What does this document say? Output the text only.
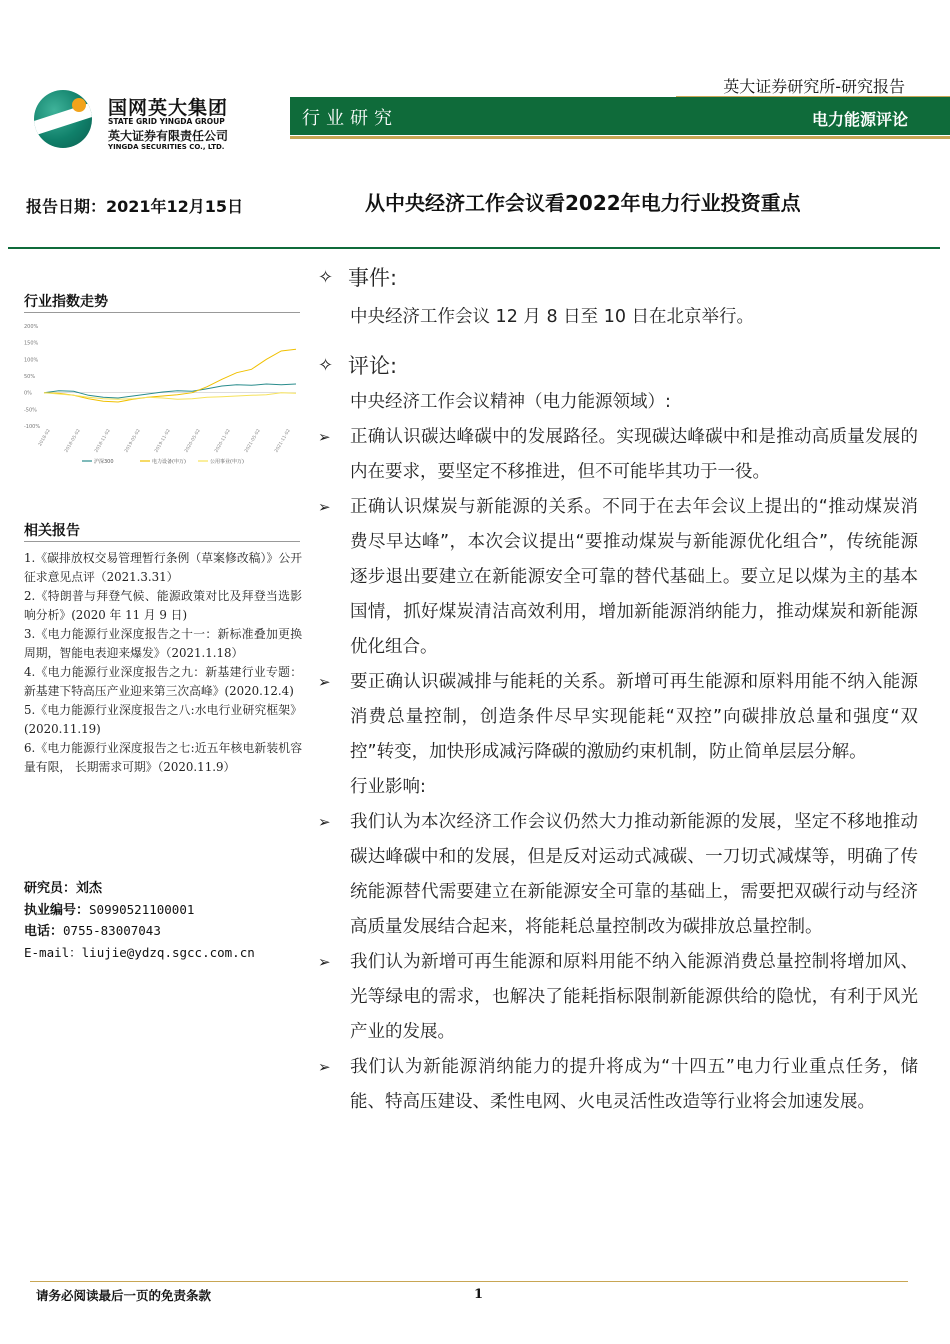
国网英大集团
STATE GRID YINGDA GROUP
英大证券有限责任公司
YINGDA SECURITIES CO., LTD.
英大证券研究所-研究报告
行业研究	电力能源评论
报告日期：2021年12月15日	从中央经济工作会议看2022年电力行业投资重点
行业指数走势
200%
150%
100%
50%
0%
-50%
-100%
2018-02	2018-05-02	2018-11-02	2019-05-02	2019-11-02	2020-05-02	2020-11-02	2021-05-02	2021-11-02
沪深300	电力设备(申万)	公用事业(申万)
相关报告
1.《碳排放权交易管理暂行条例（草案修改稿）》公开征求意见点评（2021.3.31）
2.《特朗普与拜登气候、能源政策对比及拜登当选影响分析》(2020 年 11 月 9 日)
3.《电力能源行业深度报告之十一：新标准叠加更换周期，智能电表迎来爆发》（2021.1.18）
4.《电力能源行业深度报告之九：新基建行业专题：新基建下特高压产业迎来第三次高峰》(2020.12.4)
5.《电力能源行业深度报告之八:水电行业研究框架》(2020.11.19)
6.《电力能源行业深度报告之七:近五年核电新装机容量有限， 长期需求可期》（2020.11.9）
研究员：刘杰
执业编号：S0990521100001
电话：0755-83007043
E-mail：liujie@ydzq.sgcc.com.cn
✧ 事件:
中央经济工作会议 12 月 8 日至 10 日在北京举行。
✧ 评论:
中央经济工作会议精神（电力能源领域）:
➢	正确认识碳达峰碳中的发展路径。实现碳达峰碳中和是推动高质量发展的内在要求，要坚定不移推进，但不可能毕其功于一役。
➢	正确认识煤炭与新能源的关系。不同于在去年会议上提出的“推动煤炭消费尽早达峰”，本次会议提出“要推动煤炭与新能源优化组合”，传统能源逐步退出要建立在新能源安全可靠的替代基础上。要立足以煤为主的基本国情，抓好煤炭清洁高效利用，增加新能源消纳能力，推动煤炭和新能源优化组合。
➢	要正确认识碳减排与能耗的关系。新增可再生能源和原料用能不纳入能源消费总量控制，创造条件尽早实现能耗“双控”向碳排放总量和强度“双控”转变，加快形成减污降碳的激励约束机制，防止简单层层分解。
行业影响:
➢	我们认为本次经济工作会议仍然大力推动新能源的发展，坚定不移地推动碳达峰碳中和的发展，但是反对运动式减碳、一刀切式减煤等，明确了传统能源替代需要建立在新能源安全可靠的基础上，需要把双碳行动与经济高质量发展结合起来，将能耗总量控制改为碳排放总量控制。
➢	我们认为新增可再生能源和原料用能不纳入能源消费总量控制将增加风、光等绿电的需求，也解决了能耗指标限制新能源供给的隐忧，有利于风光产业的发展。
➢	我们认为新能源消纳能力的提升将成为“十四五”电力行业重点任务，储能、特高压建设、柔性电网、火电灵活性改造等行业将会加速发展。
请务必阅读最后一页的免责条款	1
